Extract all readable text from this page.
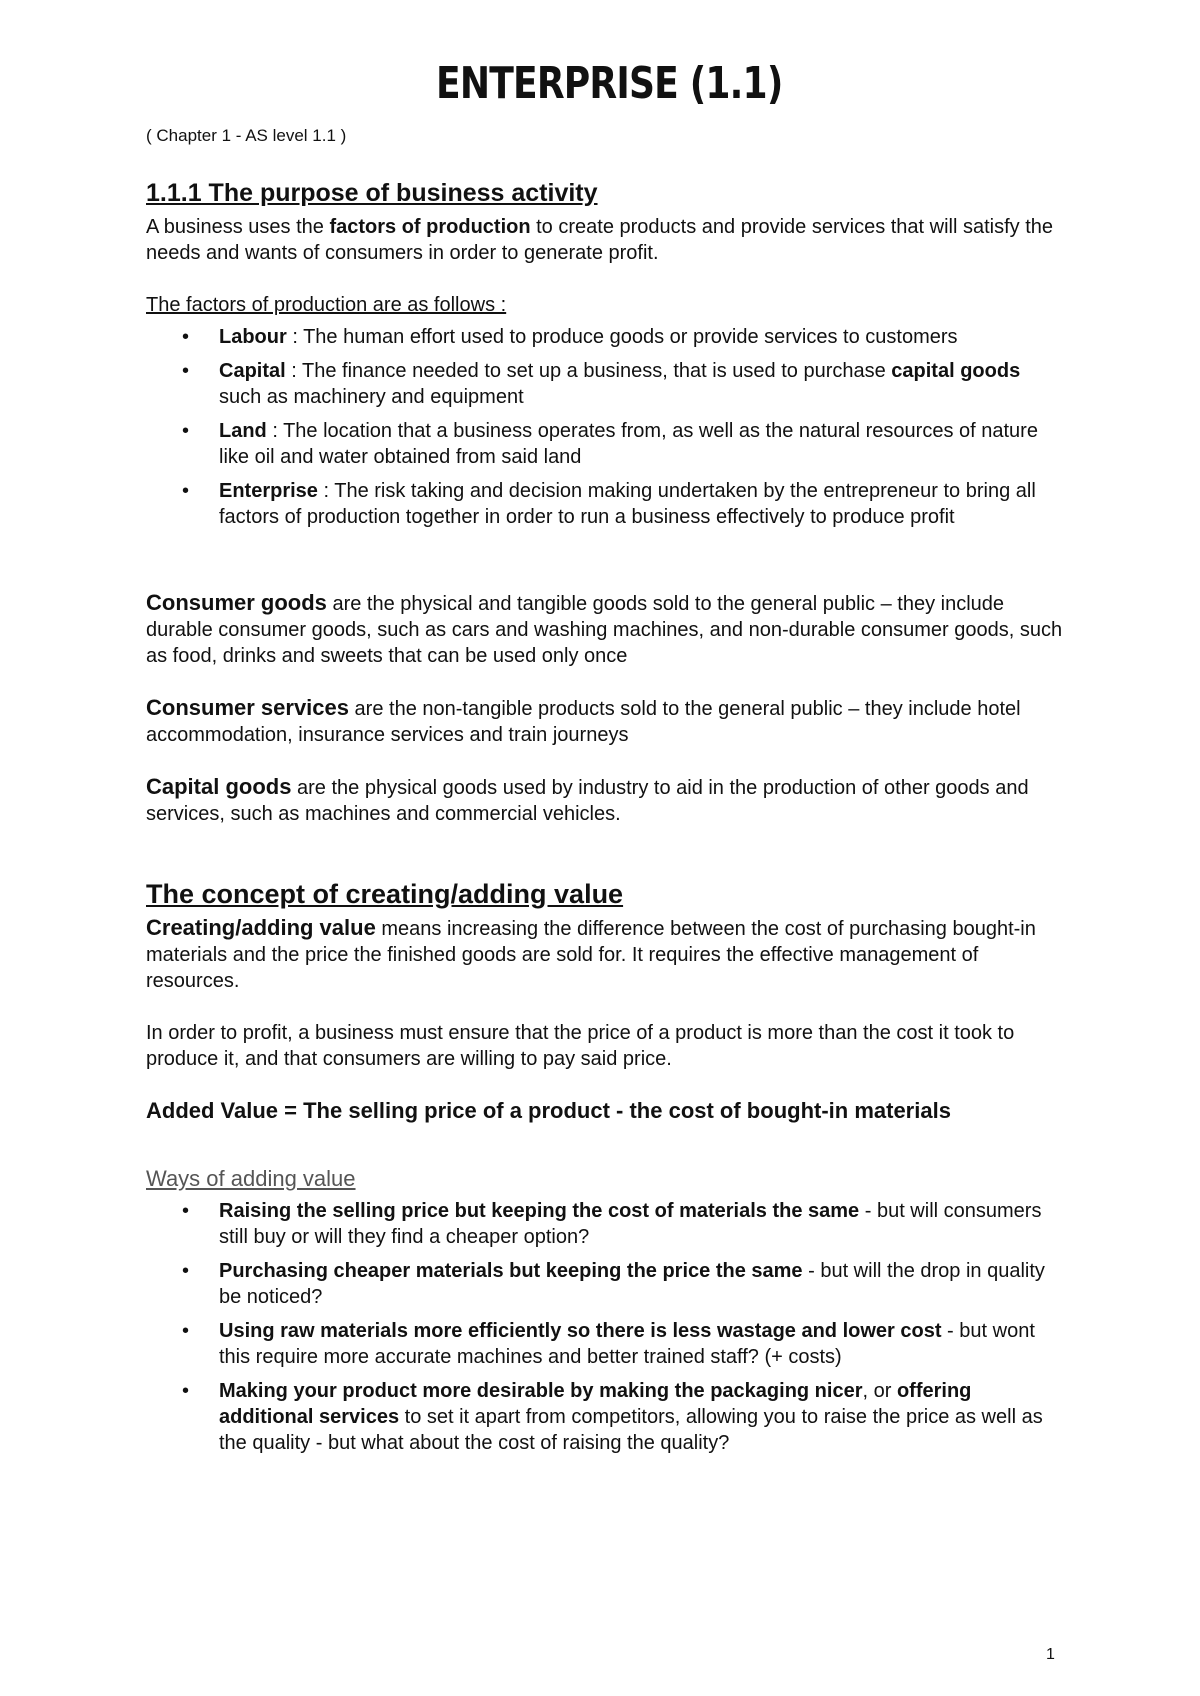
ENTERPRISE (1.1)

( Chapter 1 - AS level 1.1 )

1.1.1 The purpose of business activity

A business uses the factors of production to create products and provide services that will satisfy the needs and wants of consumers in order to generate profit.

The factors of production are as follows :

• Labour : The human effort used to produce goods or provide services to customers
• Capital : The finance needed to set up a business, that is used to purchase capital goods such as machinery and equipment
• Land : The location that a business operates from, as well as the natural resources of nature like oil and water obtained from said land
• Enterprise : The risk taking and decision making undertaken by the entrepreneur to bring all factors of production together in order to run a business effectively to produce profit

Consumer goods are the physical and tangible goods sold to the general public – they include durable consumer goods, such as cars and washing machines, and non-durable consumer goods, such as food, drinks and sweets that can be used only once

Consumer services are the non-tangible products sold to the general public – they include hotel accommodation, insurance services and train journeys

Capital goods are the physical goods used by industry to aid in the production of other goods and services, such as machines and commercial vehicles.

The concept of creating/adding value

Creating/adding value means increasing the difference between the cost of purchasing bought-in materials and the price the finished goods are sold for. It requires the effective management of resources.

In order to profit, a business must ensure that the price of a product is more than the cost it took to produce it, and that consumers are willing to pay said price.

Added Value = The selling price of a product - the cost of bought-in materials

Ways of adding value
• Raising the selling price but keeping the cost of materials the same - but will consumers still buy or will they find a cheaper option?
• Purchasing cheaper materials but keeping the price the same - but will the drop in quality be noticed?
• Using raw materials more efficiently so there is less wastage and lower cost - but wont this require more accurate machines and better trained staff? (+ costs)
• Making your product more desirable by making the packaging nicer, or offering additional services to set it apart from competitors, allowing you to raise the price as well as the quality - but what about the cost of raising the quality?
1
